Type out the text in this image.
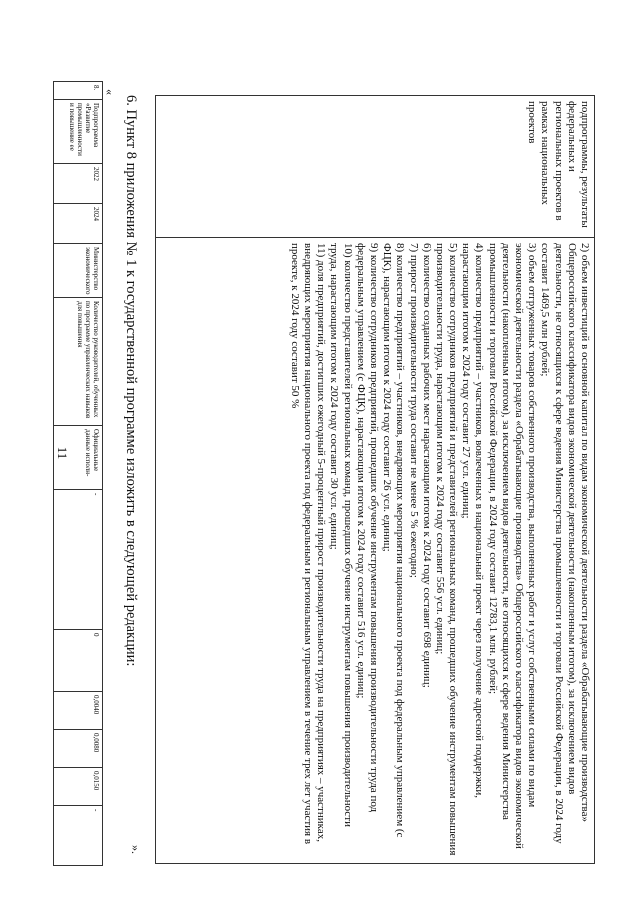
11
подпрограммы, результаты федеральных и региональных проектов в рамках национальных проектов	
2) объем инвестиций в основной капитал по видам экономической деятельности раздела «Обрабатывающие производства» Общероссийского классификатора видов экономической деятельности (накопленным итогом), за исключением видов деятельности, не относящихся к сфере ведения Министерства промышленности и торговли Российской Федерации, в 2024 году составит 1469,5 млн рублей;
3) объем отгруженных товаров собственного производства, выполненных работ и услуг собственными силами по видам экономической деятельности раздела «Обрабатывающие производства» Общероссийского классификатора видов экономической деятельности (накопленным итогом), за исключением видов деятельности, не относящихся к сфере ведения Министерства промышленности и торговли Российской Федерации, в 2024 году составит 12783,1 млн. рублей;
4) количество предприятий – участников, вовлеченных в национальный проект через получение адресной поддержки, нарастающим итогом к 2024 году составит 27 усл. единиц;
5) количество сотрудников предприятий и представителей региональных команд, прошедших обучение инструментам повышения производительности труда, нарастающим итогом к 2024 году составит 556 усл. единиц;
6) количество созданных рабочих мест нарастающим итогом к 2024 году составит 698 единиц;
7) прирост производительности труда составит не менее 5 % ежегодно;
8) количество предприятий – участников, внедряющих мероприятия национального проекта под федеральным управлением (с ФЦК), нарастающим итогом к 2024 году составит 26 усл. единиц;
9) количество сотрудников предприятий, прошедших обучение инструментам повышения производительности труда под федеральным управлением (с ФЦК), нарастающим итогом к 2024 году составит 516 усл. единиц;
10) количество представителей региональных команд, прошедших обучение инструментам повышения производительности труда, нарастающим итогом к 2024 году составит 30 усл. единиц;
11) доля предприятий, достигших ежегодный 5-процентный прирост производительности труда на предприятиях – участниках, внедряющих мероприятия национального проекта под федеральным и региональным управлением в течение трех лет участия в проекте, к 2024 году составит 50 %
».
6. Пункт 8 приложения № 1 к государственной программе изложить в следующей редакции:
«
8.	Подпрограмма «Развитие промышленности и повышение ее	2022	2024	Министерство экономического	Количество руководителей, обученных по программе управленческих навыков для повышения	Официальные данные исполн-	-	0	0,0040	0,0080	0,0150	-
